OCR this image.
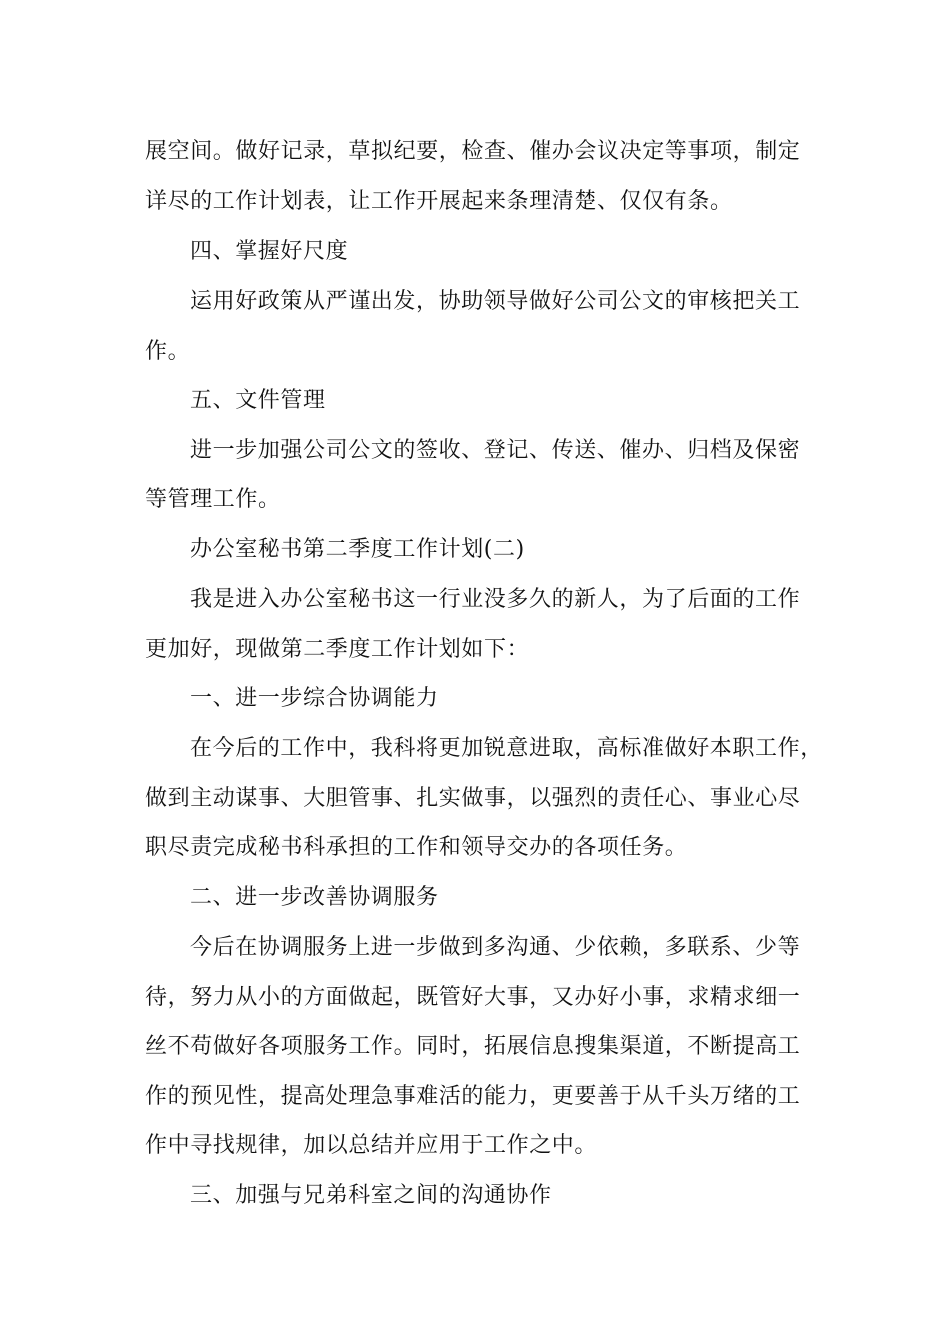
展空间。做好记录，草拟纪要，检查、催办会议决定等事项，制定
详尽的工作计划表，让工作开展起来条理清楚、仅仅有条。
四、掌握好尺度
运用好政策从严谨出发，协助领导做好公司公文的审核把关工
作。
五、文件管理
进一步加强公司公文的签收、登记、传送、催办、归档及保密
等管理工作。
办公室秘书第二季度工作计划(二)
我是进入办公室秘书这一行业没多久的新人，为了后面的工作
更加好，现做第二季度工作计划如下：
一、进一步综合协调能力
在今后的工作中，我科将更加锐意进取，高标准做好本职工作，
做到主动谋事、大胆管事、扎实做事，以强烈的责任心、事业心尽
职尽责完成秘书科承担的工作和领导交办的各项任务。
二、进一步改善协调服务
今后在协调服务上进一步做到多沟通、少依赖，多联系、少等
待，努力从小的方面做起，既管好大事，又办好小事，求精求细一
丝不苟做好各项服务工作。同时，拓展信息搜集渠道，不断提高工
作的预见性，提高处理急事难活的能力，更要善于从千头万绪的工
作中寻找规律，加以总结并应用于工作之中。
三、加强与兄弟科室之间的沟通协作
